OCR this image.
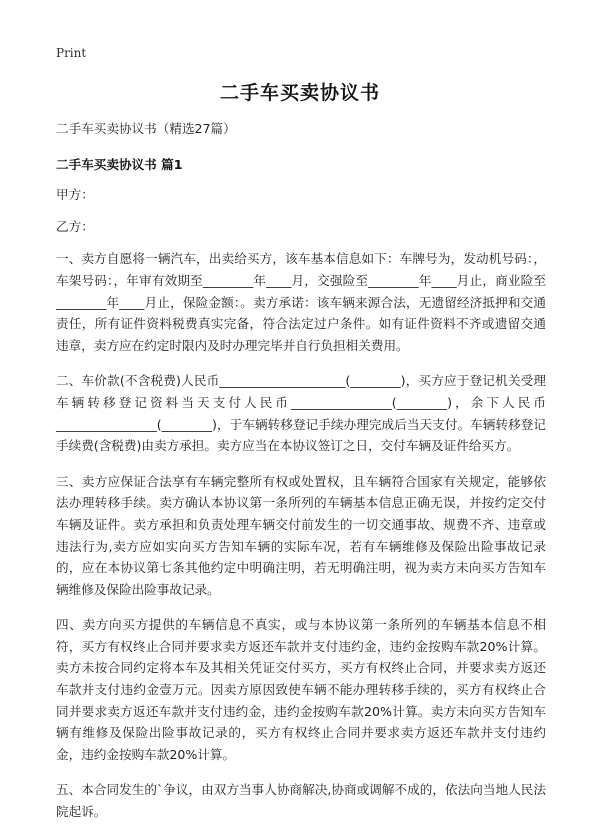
Print
二手车买卖协议书

二手车买卖协议书（精选27篇）

二手车买卖协议书 篇1

甲方：

乙方：

一、卖方自愿将一辆汽车，出卖给买方，该车基本信息如下：车牌号为，发动机号码：，车架号码：，年审有效期至________年____月，交强险至________年____月止，商业险至________年____月止，保险金额：。卖方承诺：该车辆来源合法，无遗留经济抵押和交通责任，所有证件资料税费真实完备，符合法定过户条件。如有证件资料不齐或遗留交通违章，卖方应在约定时限内及时办理完毕并自行负担相关费用。

二、车价款(不含税费)人民币____________________(________)，买方应于登记机关受理车辆转移登记资料当天支付人民币________________(________)，余下人民币________________(________)，于车辆转移登记手续办理完成后当天支付。车辆转移登记手续费(含税费)由卖方承担。卖方应当在本协议签订之日，交付车辆及证件给买方。

三、卖方应保证合法享有车辆完整所有权或处置权，且车辆符合国家有关规定，能够依法办理转移手续。卖方确认本协议第一条所列的车辆基本信息正确无误，并按约定交付车辆及证件。卖方承担和负责处理车辆交付前发生的一切交通事故、规费不齐、违章或违法行为,卖方应如实向买方告知车辆的实际车况，若有车辆维修及保险出险事故记录的，应在本协议第七条其他约定中明确注明，若无明确注明，视为卖方未向买方告知车辆维修及保险出险事故记录。

四、卖方向买方提供的车辆信息不真实，或与本协议第一条所列的车辆基本信息不相符，买方有权终止合同并要求卖方返还车款并支付违约金，违约金按购车款20%计算。卖方未按合同约定将本车及其相关凭证交付买方，买方有权终止合同，并要求卖方返还车款并支付违约金壹万元。因卖方原因致使车辆不能办理转移手续的，买方有权终止合同并要求卖方返还车款并支付违约金，违约金按购车款20%计算。卖方未向买方告知车辆有维修及保险出险事故记录的，买方有权终止合同并要求卖方返还车款并支付违约金，违约金按购车款20%计算。

五、本合同发生的`争议，由双方当事人协商解决,协商或调解不成的，依法向当地人民法院起诉。
